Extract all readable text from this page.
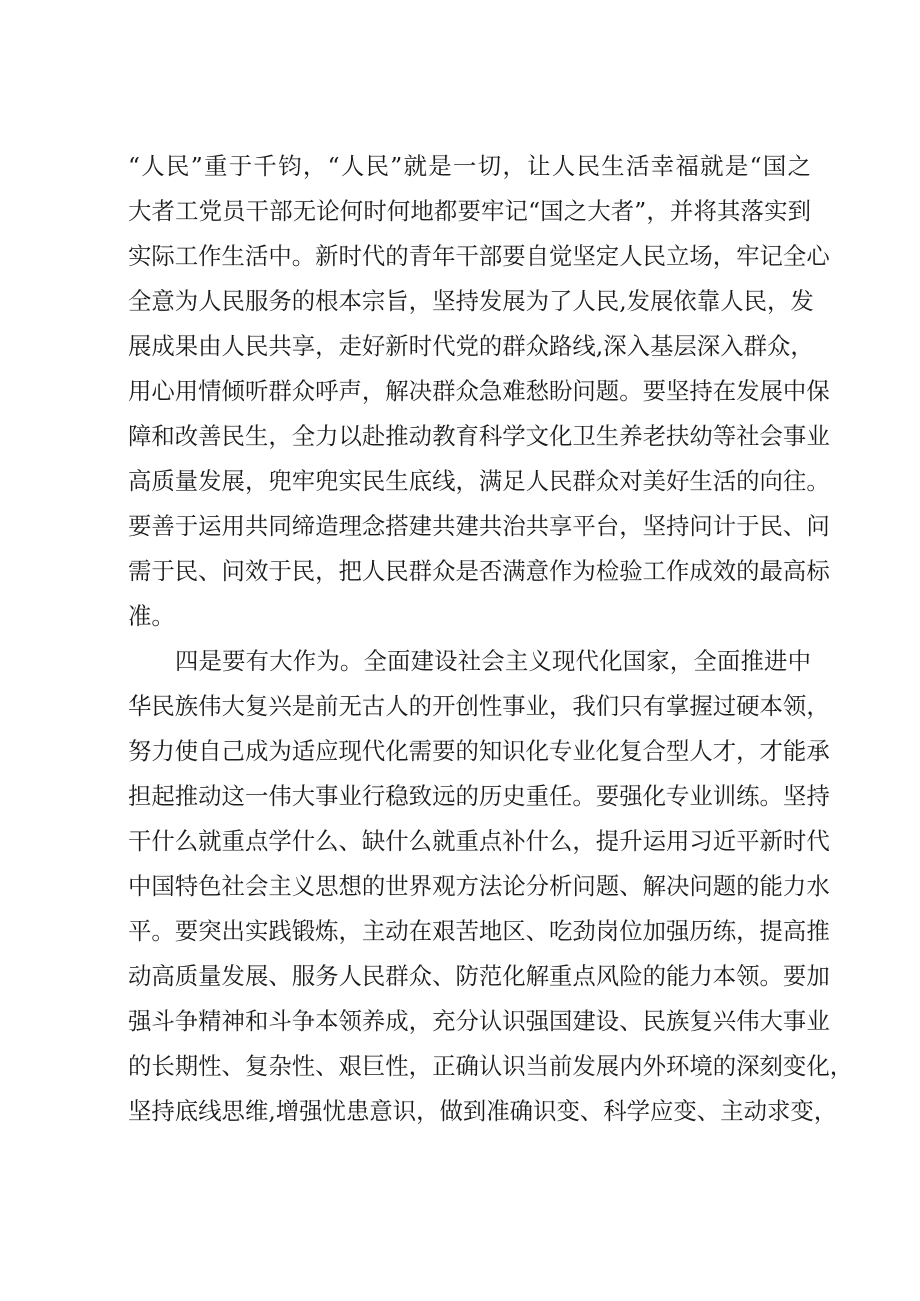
“人民”重于千钧，“人民”就是一切，让人民生活幸福就是“国之
大者工党员干部无论何时何地都要牢记“国之大者”，并将其落实到
实际工作生活中。新时代的青年干部要自觉坚定人民立场，牢记全心
全意为人民服务的根本宗旨，坚持发展为了人民,发展依靠人民，发
展成果由人民共享，走好新时代党的群众路线,深入基层深入群众，
用心用情倾听群众呼声，解决群众急难愁盼问题。要坚持在发展中保
障和改善民生，全力以赴推动教育科学文化卫生养老扶幼等社会事业
高质量发展，兜牢兜实民生底线，满足人民群众对美好生活的向往。
要善于运用共同缔造理念搭建共建共治共享平台，坚持问计于民、问
需于民、问效于民，把人民群众是否满意作为检验工作成效的最高标
准。
四是要有大作为。全面建设社会主义现代化国家，全面推进中
华民族伟大复兴是前无古人的开创性事业，我们只有掌握过硬本领，
努力使自己成为适应现代化需要的知识化专业化复合型人才，才能承
担起推动这一伟大事业行稳致远的历史重任。要强化专业训练。坚持
干什么就重点学什么、缺什么就重点补什么，提升运用习近平新时代
中国特色社会主义思想的世界观方法论分析问题、解决问题的能力水
平。要突出实践锻炼，主动在艰苦地区、吃劲岗位加强历练，提高推
动高质量发展、服务人民群众、防范化解重点风险的能力本领。要加
强斗争精神和斗争本领养成，充分认识强国建设、民族复兴伟大事业
的长期性、复杂性、艰巨性，正确认识当前发展内外环境的深刻变化，
坚持底线思维,增强忧患意识，做到准确识变、科学应变、主动求变，
